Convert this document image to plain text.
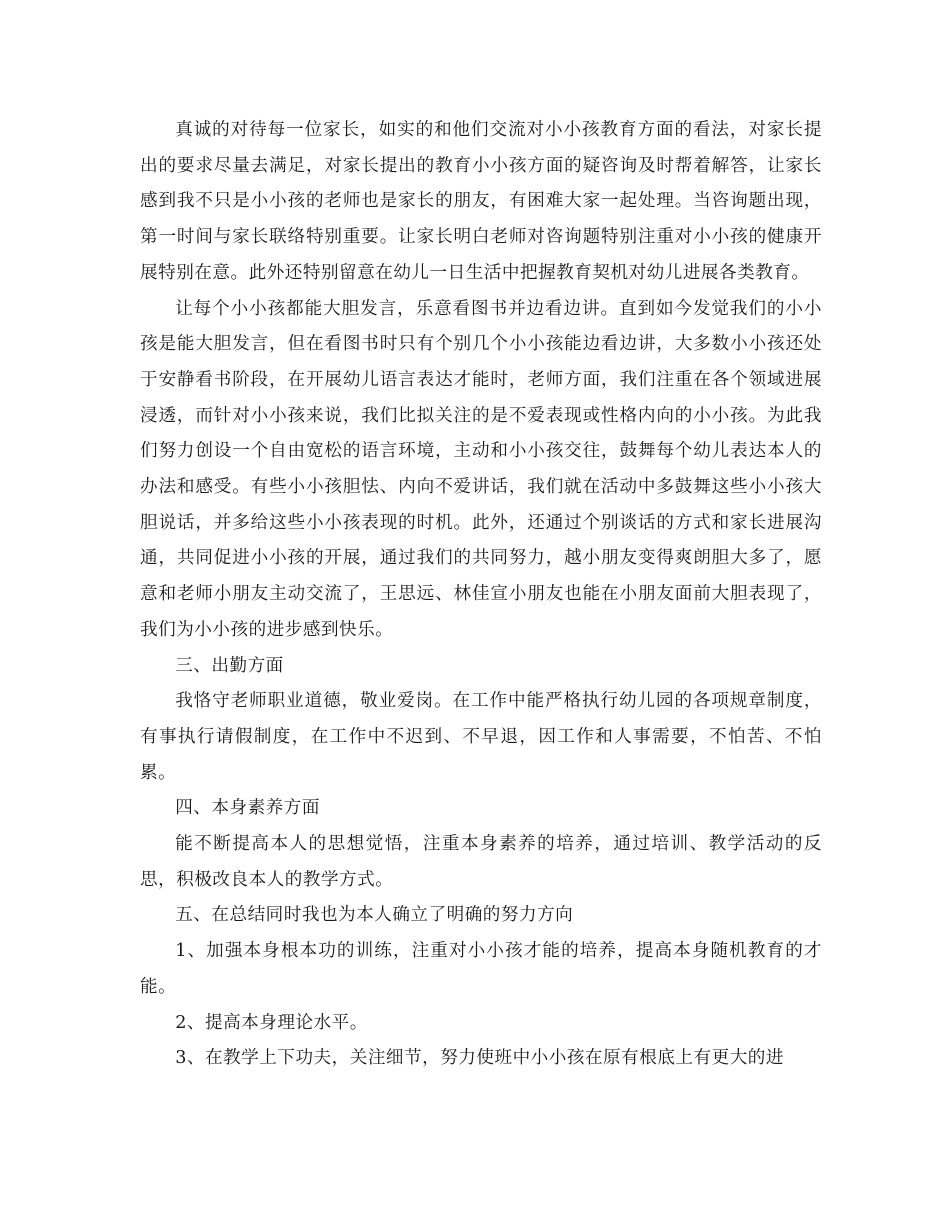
真诚的对待每一位家长，如实的和他们交流对小小孩教育方面的看法，对家长提出的要求尽量去满足，对家长提出的教育小小孩方面的疑咨询及时帮着解答，让家长感到我不只是小小孩的老师也是家长的朋友，有困难大家一起处理。当咨询题出现，第一时间与家长联络特别重要。让家长明白老师对咨询题特别注重对小小孩的健康开展特别在意。此外还特别留意在幼儿一日生活中把握教育契机对幼儿进展各类教育。

让每个小小孩都能大胆发言，乐意看图书并边看边讲。直到如今发觉我们的小小孩是能大胆发言，但在看图书时只有个别几个小小孩能边看边讲，大多数小小孩还处于安静看书阶段，在开展幼儿语言表达才能时，老师方面，我们注重在各个领域进展浸透，而针对小小孩来说，我们比拟关注的是不爱表现或性格内向的小小孩。为此我们努力创设一个自由宽松的语言环境，主动和小小孩交往，鼓舞每个幼儿表达本人的办法和感受。有些小小孩胆怯、内向不爱讲话，我们就在活动中多鼓舞这些小小孩大胆说话，并多给这些小小孩表现的时机。此外，还通过个别谈话的方式和家长进展沟通，共同促进小小孩的开展，通过我们的共同努力，越小朋友变得爽朗胆大多了，愿意和老师小朋友主动交流了，王思远、林佳宣小朋友也能在小朋友面前大胆表现了，我们为小小孩的进步感到快乐。

三、出勤方面

我恪守老师职业道德，敬业爱岗。在工作中能严格执行幼儿园的各项规章制度，有事执行请假制度，在工作中不迟到、不早退，因工作和人事需要，不怕苦、不怕累。

四、本身素养方面

能不断提高本人的思想觉悟，注重本身素养的培养，通过培训、教学活动的反思，积极改良本人的教学方式。

五、在总结同时我也为本人确立了明确的努力方向

1、加强本身根本功的训练，注重对小小孩才能的培养，提高本身随机教育的才能。

2、提高本身理论水平。

3、在教学上下功夫，关注细节，努力使班中小小孩在原有根底上有更大的进
